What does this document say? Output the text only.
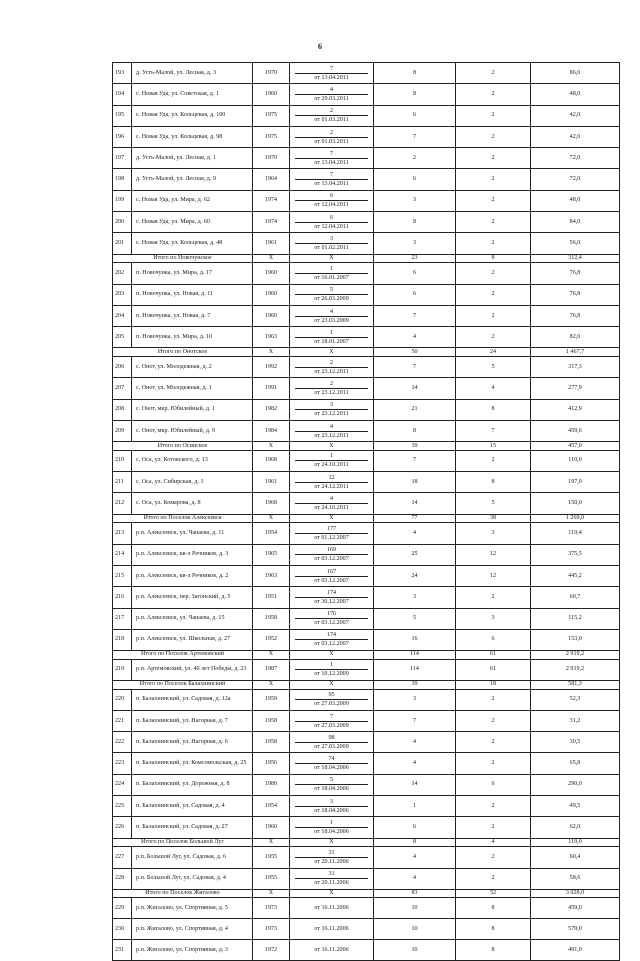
6
193	д. Усть-Малой, ул. Лесная, д. 3	1970	7
от 13.04.2011	8	2	86,0
194	с. Новая Уда, ул. Советская, д. 1	1960	4
от 29.03.2011	8	2	48,0
195	с. Новая Уда, ул. Кольцевая, д. 100	1975	2
от 01.03.2011	6	2	42,0
196	с. Новая Уда, ул. Кольцевая, д. 98	1975	2
от 01.03.2011	7	2	42,0
197	д. Усть-Малой, ул. Лесная, д. 1	1970	7
от 13.04.2011	2	2	72,0
198	д. Усть-Малой, ул. Лесная, д. 9	1964	7
от 13.04.2011	6	2	72,0
199	с. Новая Уда, ул. Мира, д. 62	1974	6
от 12.04.2011	3	2	48,0
200	с. Новая Уда, ул. Мира, д. 60	1974	6
от 12.04.2011	8	2	84,0
201	с. Новая Уда, ул. Кольцевая, д. 48	1961	3
от 01.02.2011	3	2	56,0
Итого по Новочунское		X	X	23	8	312,4
202	п. Новочунка, ул. Мира, д. 17	1960	1
от 16.01.2007	6	2	76,8
203	п. Новочунка, ул. Новая, д. 11	1960	5
от 26.03.2009	6	2	76,8
204	п. Новочунка, ул. Новая, д. 7	1960	4
от 23.03.2009	7	2	76,8
205	п. Новочунка, ул. Мира, д. 10	1963	1
от 18.01.2007	4	2	82,0
Итого по Онотское		X	X	50	24	1 467,7
206	с. Онот, ул. Молодежная, д. 2	1992	2
от 23.12.2011	7	5	317,3
207	с. Онот, ул. Молодежная, д. 1	1991	2
от 23.12.2011	14	4	277,9
208	с. Онот, мкр. Юбилейный, д. 1	1982	3
от 23.12.2011	21	8	412,9
209	с. Онот, мкр. Юбилейный, д. 9	1984	4
от 23.12.2011	8	7	459,6
Итого по Осинское		X	X	39	15	457,0
210	с. Оса, ул. Котовского, д. 13	1968	1
от 24.10.2011	7	2	110,0
211	с. Оса, ул. Сибирская, д. 1	1961	12
от 24.12.2011	18	8	197,0
212	с. Оса, ул. Комарова, д. 8	1968	4
от 24.10.2011	14	5	150,0
Итого по Поселок Алексеевск		X	X	77	38	1 269,0
213	р.п. Алексеевск, ул. Чапаева, д. 11	1954	177
от 01.12.2007	4	3	119,4
214	р.п. Алексеевск, кв-л Речников, д. 3	1965	169
от 03.12.2007	25	12	375,5
215	р.п. Алексеевск, кв-л Речников, д. 2	1963	167
от 03.12.2007	24	12	445,2
216	р.п. Алексеевск, пер. Затонский, д. 5	1951	174
от 30.12.2007	3	2	60,7
217	р.п. Алексеевск, ул. Чапаева, д. 15	1958	176
от 03.12.2007	5	3	115,2
218	р.п. Алексеевск, ул. Школьная, д. 27	1952	174
от 03.12.2007	16	6	153,0
Итого по Поселок Артемовский		X	X	114	61	2 919,2
219	р.п. Артемовский, ул. 40 лет Победы, д. 23	1987	1
от 10.12.2009	114	61	2 919,2
Итого по Поселок Балахнинский		X	X	39	18	581,3
220	п. Балахнинский, ул. Садовая, д. 12а	1959	95
от 27.03.2009	3	2	52,3
221	п. Балахнинский, ул. Нагорная, д. 7	1958	7
от 27.03.2009	7	2	31,2
222	п. Балахнинский, ул. Нагорная, д. 6	1958	98
от 27.03.2009	4	2	30,5
223	п. Балахнинский, ул. Комсомольская, д. 25	1956	74
от 18.04.2006	4	2	65,8
224	п. Балахнинский, ул. Дорожная, д. 8	1980	5
от 18.04.2006	14	6	290,0
225	п. Балахнинский, ул. Садовая, д. 4	1954	3
от 18.04.2006	1	2	49,5
226	п. Балахнинский, ул. Садовая, д. 27	1960	1
от 18.04.2006	6	2	62,0
Итого по Поселок Большой Луг		X	X	8	4	119,0
227	р.п. Большой Луг, ул. Садовая, д. 6	1955	31
от 20.11.2006	4	2	60,4
228	р.п. Большой Луг, ул. Садовая, д. 4	1955	31
от 20.11.2006	4	2	58,6
Итого по Поселок Жигалово		X	X	83	52	3 028,0
229	р.п. Жигалово, ул. Спортивная, д. 5	1973	от 16.11.2006	10	8	459,0
230	р.п. Жигалово, ул. Спортивная, д. 4	1973	от 16.11.2006	10	8	579,0
231	р.п. Жигалово, ул. Спортивная, д. 3	1972	от 16.11.2006	10	8	491,0
